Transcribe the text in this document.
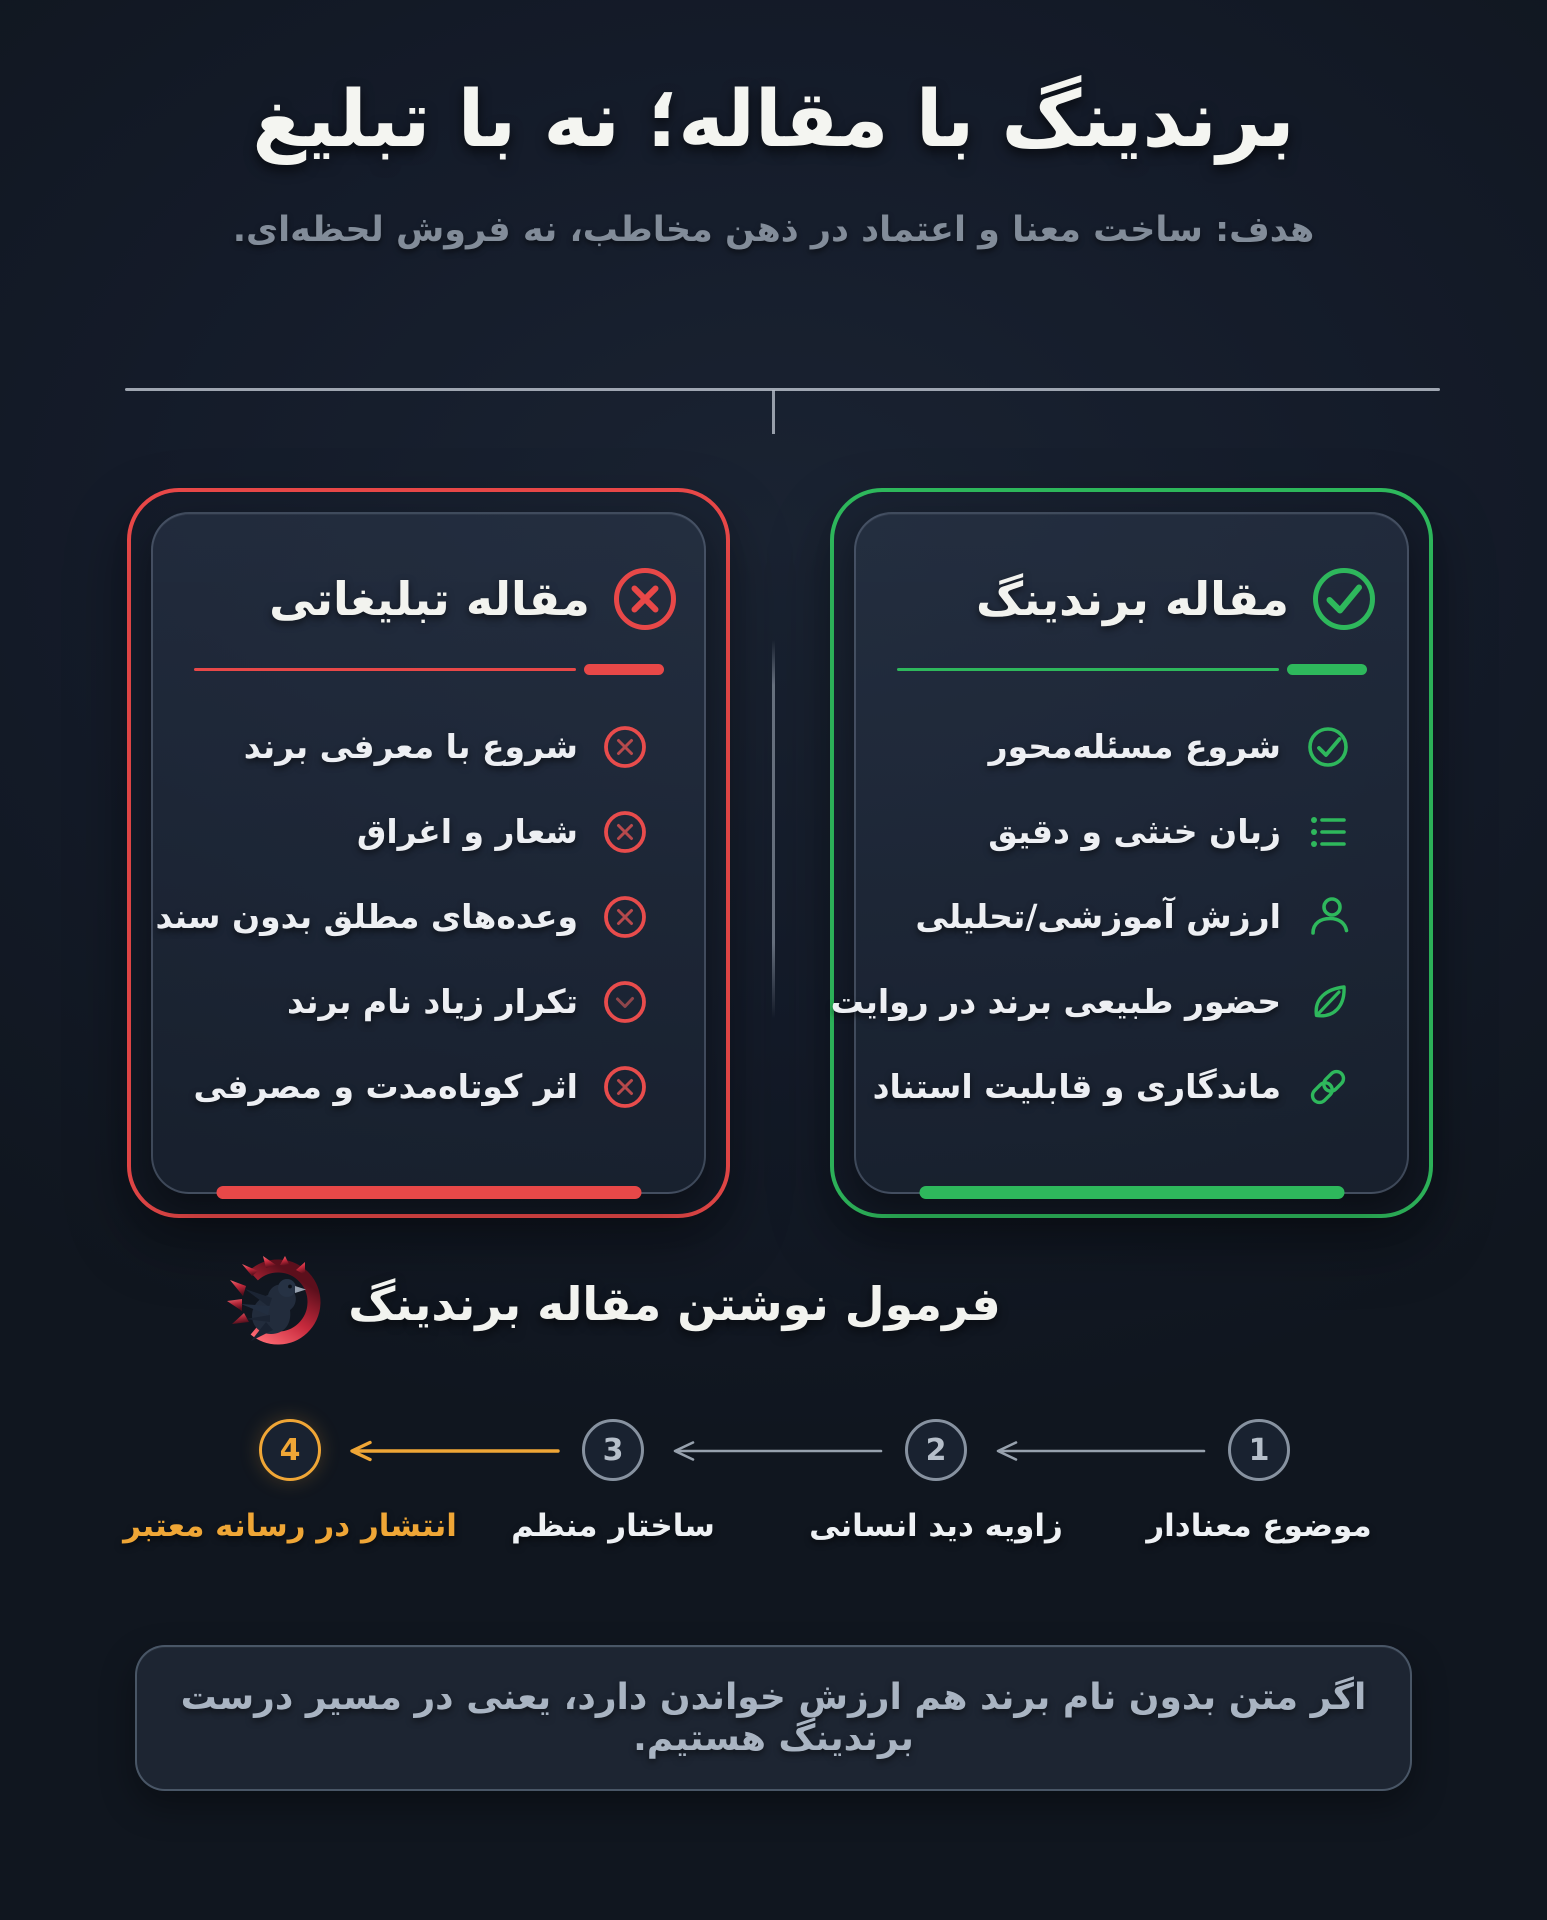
برندینگ با مقاله؛ نه با تبلیغ
هدف: ساخت معنا و اعتماد در ذهن مخاطب، نه فروش لحظه‌ای.
مقاله برندینگ
شروع مسئله‌محور
زبان خنثی و دقیق
ارزش آموزشی/تحلیلی
حضور طبیعی برند در روایت
ماندگاری و قابلیت استناد
مقاله تبلیغاتی
شروع با معرفی برند
شعار و اغراق
وعده‌های مطلق بدون سند
تکرار زیاد نام برند
اثر کوتاه‌مدت و مصرفی
فرمول نوشتن مقاله برندینگ
1
موضوع معنادار
2
زاویه دید انسانی
3
ساختار منظم
4
انتشار در رسانه معتبر
اگر متن بدون نام برند هم ارزش خواندن دارد، یعنی در مسیر درست برندینگ هستیم.
